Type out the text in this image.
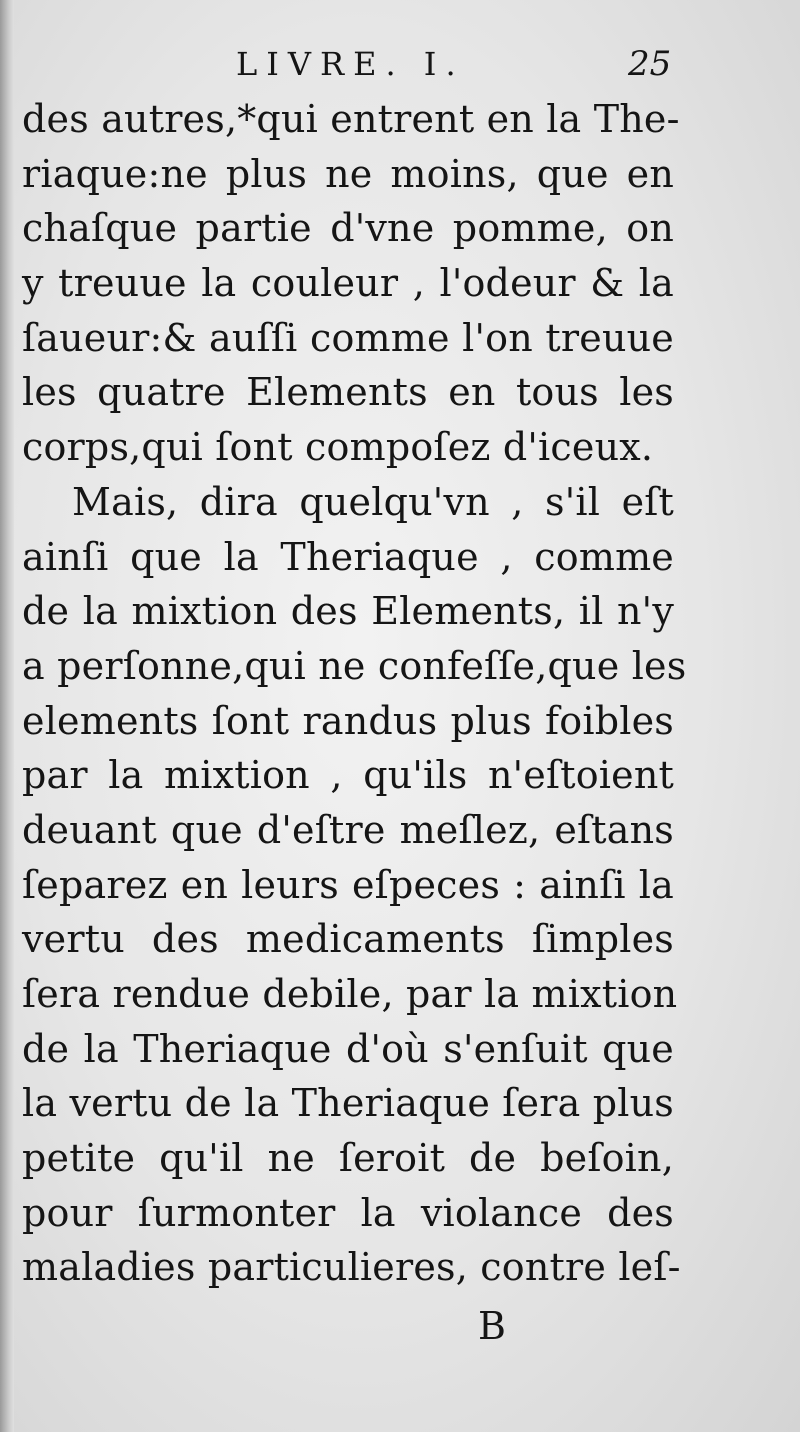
LIVRE. I.	25
des autres,*qui entrent en la The-
riaque:ne plus ne moins, que en
chaſque partie d'vne pomme, on
y treuue la couleur , l'odeur & la
ſaueur:& auſſi comme l'on treuue
les quatre Elements en tous les
corps,qui ſont compoſez d'iceux.
Mais, dira quelqu'vn , s'il eſt
ainſi que la Theriaque , comme
de la mixtion des Elements, il n'y
a perſonne,qui ne confeſſe,que les
elements ſont randus plus foibles
par la mixtion , qu'ils n'eſtoient
deuant que d'eſtre meſlez, eſtans
ſeparez en leurs eſpeces : ainſi la
vertu des medicaments ſimples
ſera rendue debile, par la mixtion
de la Theriaque d'où s'enſuit que
la vertu de la Theriaque ſera plus
petite qu'il ne ſeroit de beſoin,
pour ſurmonter la violance des
maladies particulieres, contre leſ-
B
